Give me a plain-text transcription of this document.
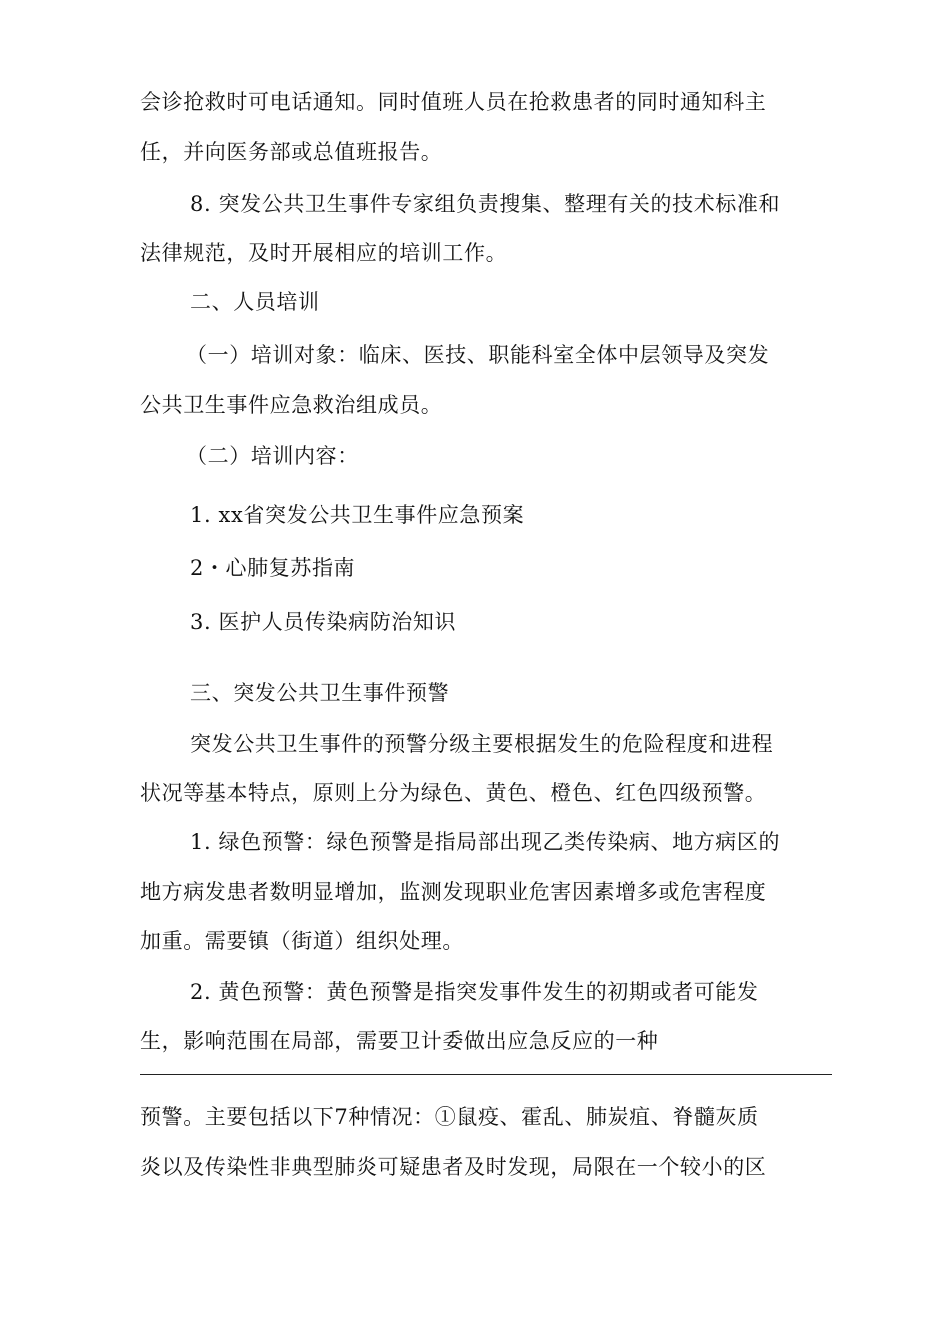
会诊抢救时可电话通知。同时值班人员在抢救患者的同时通知科主
任，并向医务部或总值班报告。
8. 突发公共卫生事件专家组负责搜集、整理有关的技术标准和
法律规范，及时开展相应的培训工作。
二、人员培训
（一）培训对象：临床、医技、职能科室全体中层领导及突发
公共卫生事件应急救治组成员。
（二）培训内容：
1. xx省突发公共卫生事件应急预案
2・心肺复苏指南
3. 医护人员传染病防治知识
三、突发公共卫生事件预警
突发公共卫生事件的预警分级主要根据发生的危险程度和进程
状况等基本特点，原则上分为绿色、黄色、橙色、红色四级预警。
1. 绿色预警：绿色预警是指局部出现乙类传染病、地方病区的
地方病发患者数明显增加，监测发现职业危害因素增多或危害程度
加重。需要镇（街道）组织处理。
2. 黄色预警：黄色预警是指突发事件发生的初期或者可能发
生，影响范围在局部，需要卫计委做出应急反应的一种
预警。主要包括以下7种情况：①鼠疫、霍乱、肺炭疽、脊髓灰质
炎以及传染性非典型肺炎可疑患者及时发现，局限在一个较小的区
